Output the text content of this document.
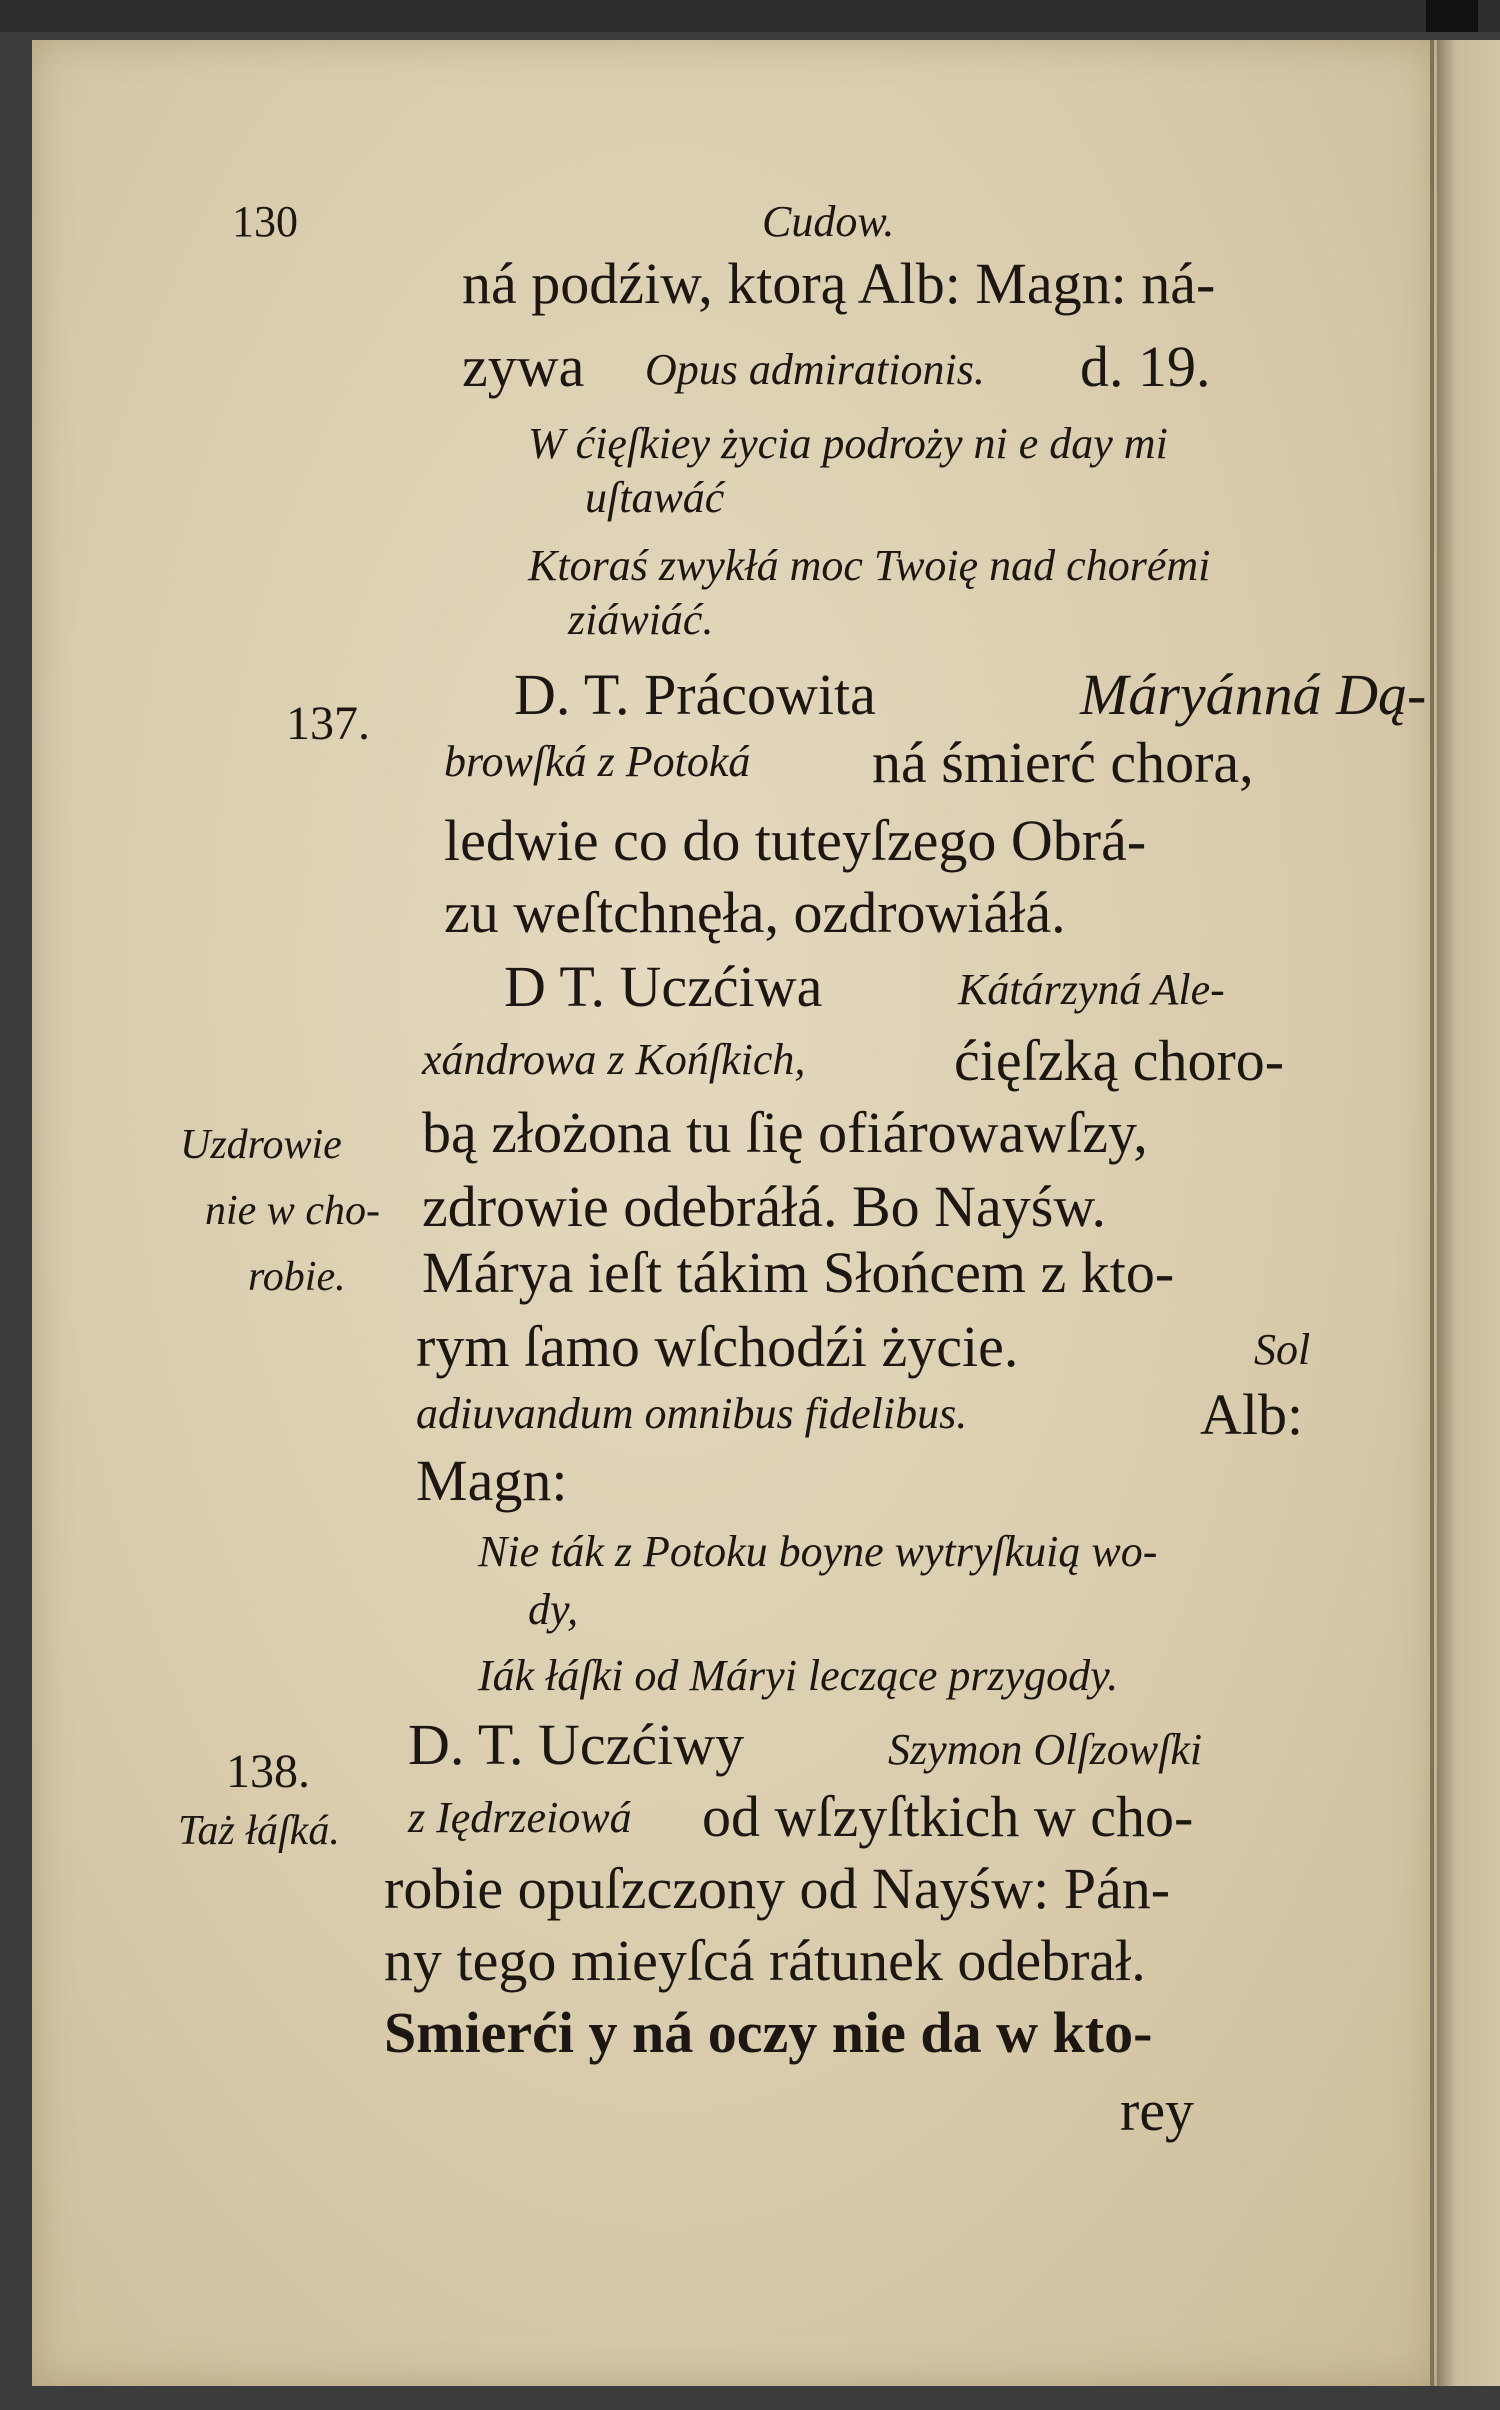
130	Cudow.
ná podźiw, ktorą Alb: Magn: ná-
zywa Opus admirationis. d. 19.
W ćięſkiey życia podroży ni e day mi
uſtawáć
Ktoraś zwykłá moc Twoię nad chorémi
ziáwiáć.
137. D. T. Prácowita	Máryánná Dą-
browſká z Potoká ná śmierć chora,
ledwie co do tuteyſzego Obrá-
zu weſtchnęła, ozdrowiáłá.
D T. Uczćiwa	Kátárzyná Ale-
xándrowa z Końſkich,	ćięſzką choro-
Uzdrowie
nie w cho-
robie.
bą złożona tu ſię ofiárowawſzy,
zdrowie odebráłá. Bo Nayśw.
Márya ieſt tákim Słońcem z kto-
rym ſamo wſchodźi życie.	Sol
adiuvandum omnibus fidelibus.	Alb:
Magn:
Nie ták z Potoku boyne wytryſkuią wo-
dy,
Iák łáſki od Máryi leczące przygody.
138.
Taż łáſká.
D. T. Uczćiwy	Szymon Olſzowſki
z Iędrzeiowá od wſzyſtkich w cho-
robie opuſzczony od Nayśw: Pán-
ny tego mieyſcá rátunek odebrał.
Smierći y ná oczy nie da w kto-
rey
